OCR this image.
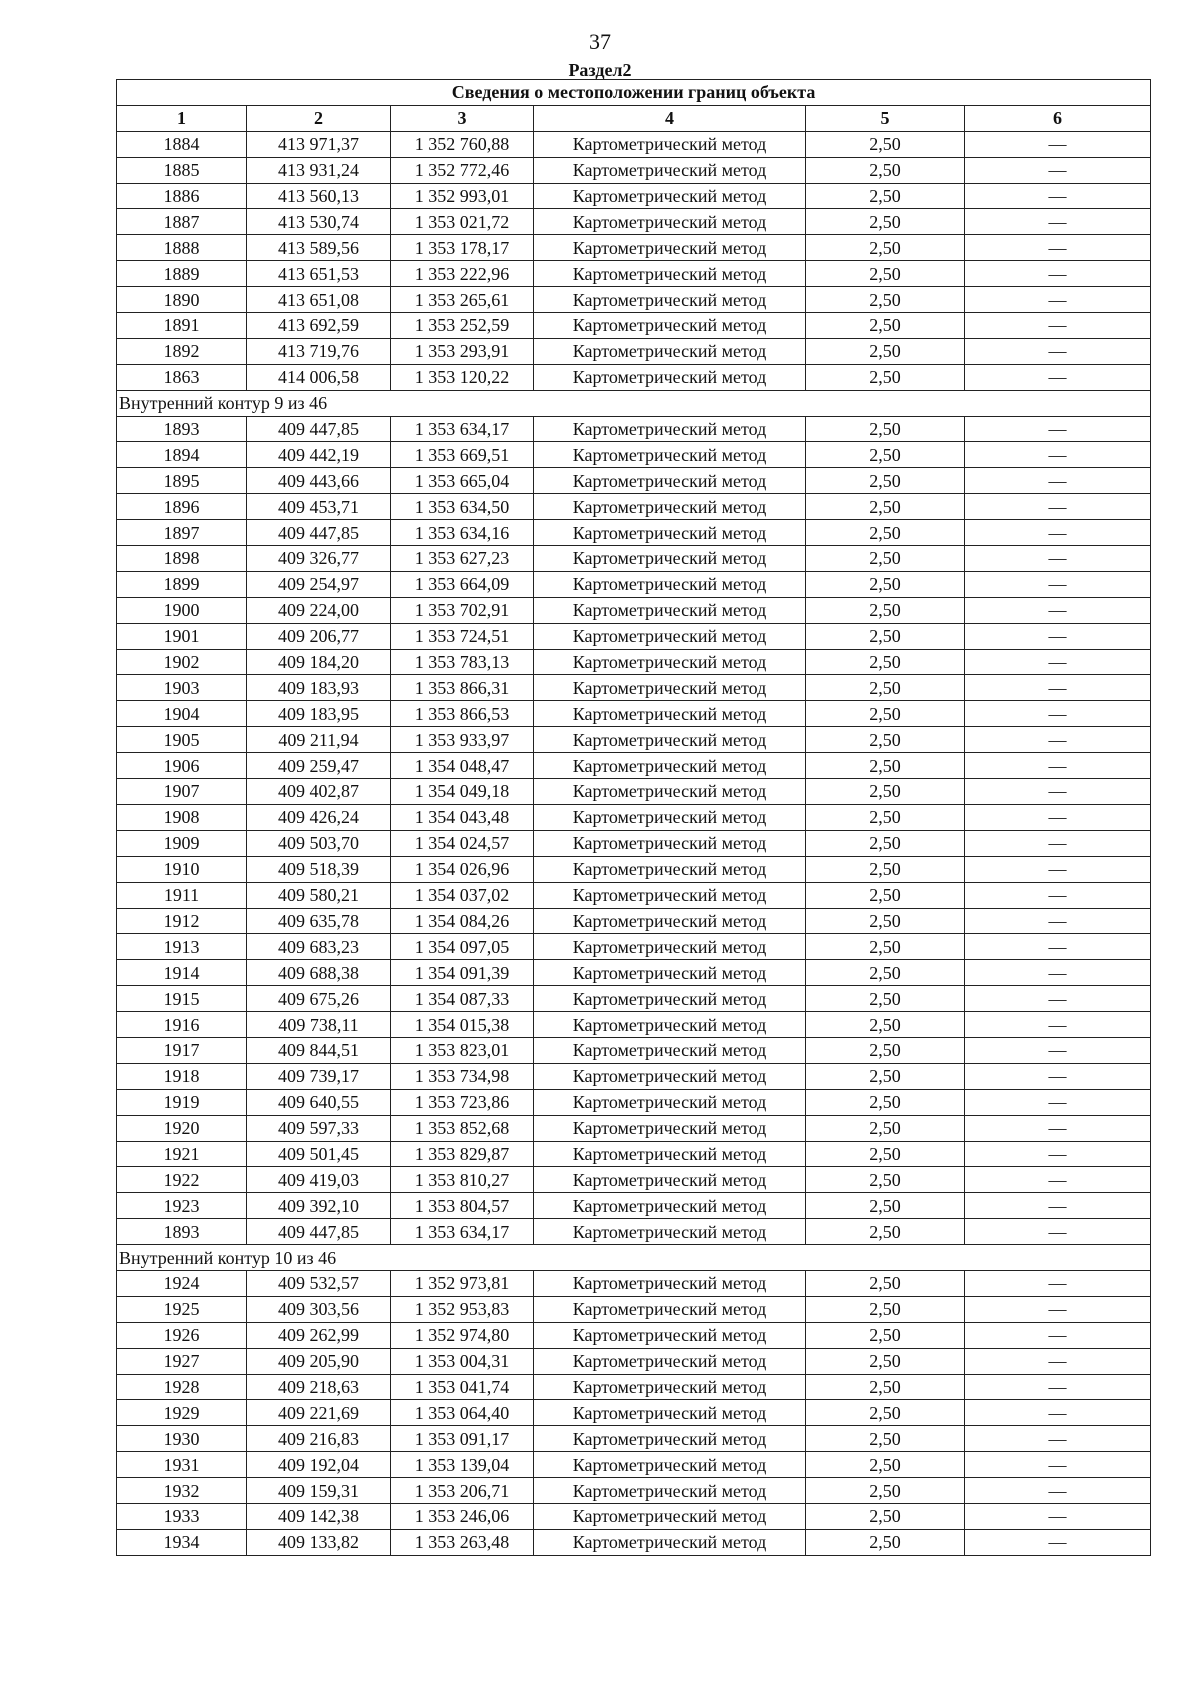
37
Раздел2
Сведения о местоположении границ объекта					
1	2	3	4	5	6
1884	413 971,37	1 352 760,88	Картометрический метод	2,50	—
1885	413 931,24	1 352 772,46	Картометрический метод	2,50	—
1886	413 560,13	1 352 993,01	Картометрический метод	2,50	—
1887	413 530,74	1 353 021,72	Картометрический метод	2,50	—
1888	413 589,56	1 353 178,17	Картометрический метод	2,50	—
1889	413 651,53	1 353 222,96	Картометрический метод	2,50	—
1890	413 651,08	1 353 265,61	Картометрический метод	2,50	—
1891	413 692,59	1 353 252,59	Картометрический метод	2,50	—
1892	413 719,76	1 353 293,91	Картометрический метод	2,50	—
1863	414 006,58	1 353 120,22	Картометрический метод	2,50	—
Внутренний контур 9 из 46					
1893	409 447,85	1 353 634,17	Картометрический метод	2,50	—
1894	409 442,19	1 353 669,51	Картометрический метод	2,50	—
1895	409 443,66	1 353 665,04	Картометрический метод	2,50	—
1896	409 453,71	1 353 634,50	Картометрический метод	2,50	—
1897	409 447,85	1 353 634,16	Картометрический метод	2,50	—
1898	409 326,77	1 353 627,23	Картометрический метод	2,50	—
1899	409 254,97	1 353 664,09	Картометрический метод	2,50	—
1900	409 224,00	1 353 702,91	Картометрический метод	2,50	—
1901	409 206,77	1 353 724,51	Картометрический метод	2,50	—
1902	409 184,20	1 353 783,13	Картометрический метод	2,50	—
1903	409 183,93	1 353 866,31	Картометрический метод	2,50	—
1904	409 183,95	1 353 866,53	Картометрический метод	2,50	—
1905	409 211,94	1 353 933,97	Картометрический метод	2,50	—
1906	409 259,47	1 354 048,47	Картометрический метод	2,50	—
1907	409 402,87	1 354 049,18	Картометрический метод	2,50	—
1908	409 426,24	1 354 043,48	Картометрический метод	2,50	—
1909	409 503,70	1 354 024,57	Картометрический метод	2,50	—
1910	409 518,39	1 354 026,96	Картометрический метод	2,50	—
1911	409 580,21	1 354 037,02	Картометрический метод	2,50	—
1912	409 635,78	1 354 084,26	Картометрический метод	2,50	—
1913	409 683,23	1 354 097,05	Картометрический метод	2,50	—
1914	409 688,38	1 354 091,39	Картометрический метод	2,50	—
1915	409 675,26	1 354 087,33	Картометрический метод	2,50	—
1916	409 738,11	1 354 015,38	Картометрический метод	2,50	—
1917	409 844,51	1 353 823,01	Картометрический метод	2,50	—
1918	409 739,17	1 353 734,98	Картометрический метод	2,50	—
1919	409 640,55	1 353 723,86	Картометрический метод	2,50	—
1920	409 597,33	1 353 852,68	Картометрический метод	2,50	—
1921	409 501,45	1 353 829,87	Картометрический метод	2,50	—
1922	409 419,03	1 353 810,27	Картометрический метод	2,50	—
1923	409 392,10	1 353 804,57	Картометрический метод	2,50	—
1893	409 447,85	1 353 634,17	Картометрический метод	2,50	—
Внутренний контур 10 из 46					
1924	409 532,57	1 352 973,81	Картометрический метод	2,50	—
1925	409 303,56	1 352 953,83	Картометрический метод	2,50	—
1926	409 262,99	1 352 974,80	Картометрический метод	2,50	—
1927	409 205,90	1 353 004,31	Картометрический метод	2,50	—
1928	409 218,63	1 353 041,74	Картометрический метод	2,50	—
1929	409 221,69	1 353 064,40	Картометрический метод	2,50	—
1930	409 216,83	1 353 091,17	Картометрический метод	2,50	—
1931	409 192,04	1 353 139,04	Картометрический метод	2,50	—
1932	409 159,31	1 353 206,71	Картометрический метод	2,50	—
1933	409 142,38	1 353 246,06	Картометрический метод	2,50	—
1934	409 133,82	1 353 263,48	Картометрический метод	2,50	—
